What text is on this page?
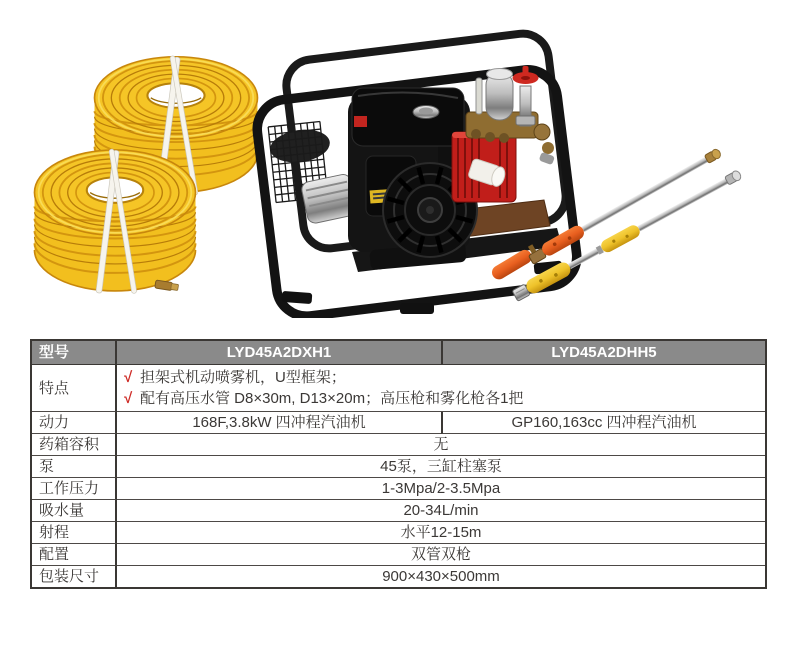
型号	LYD45A2DXH1	LYD45A2DHH5
特点	√ 担架式机动喷雾机，U型框架；
√ 配有高压水管 D8×30m, D13×20m；高压枪和雾化枪各1把	

动力	168F,3.8kW 四冲程汽油机	GP160,163cc 四冲程汽油机
药箱容积	无	
泵	45泵，三缸柱塞泵	
工作压力	1-3Mpa/2-3.5Mpa	
吸水量	20-34L/min	
射程	水平12-15m	
配置	双管双枪	
包装尺寸	900×430×500mm	
